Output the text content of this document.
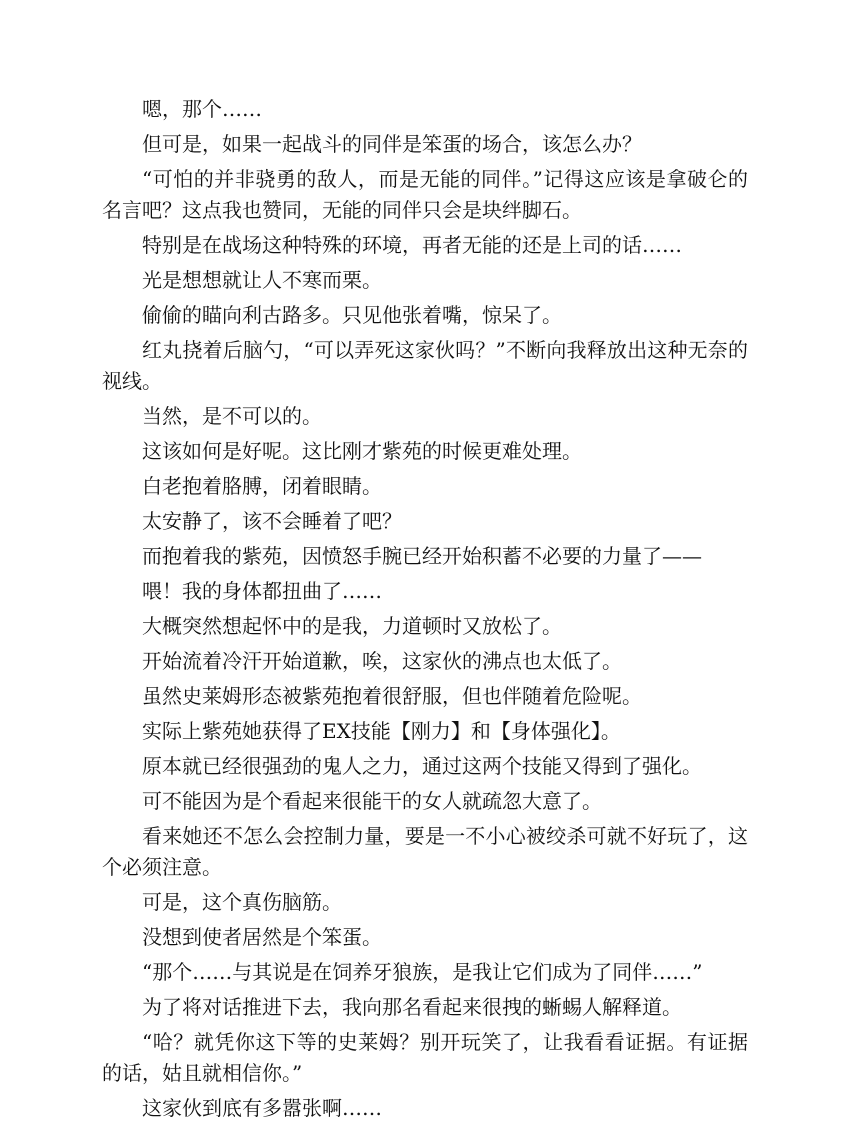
嗯，那个……

但可是，如果一起战斗的同伴是笨蛋的场合，该怎么办？

“可怕的并非骁勇的敌人，而是无能的同伴。”记得这应该是拿破仑的名言吧？这点我也赞同，无能的同伴只会是块绊脚石。

特别是在战场这种特殊的环境，再者无能的还是上司的话……

光是想想就让人不寒而栗。

偷偷的瞄向利古路多。只见他张着嘴，惊呆了。

红丸挠着后脑勺，“可以弄死这家伙吗？”不断向我释放出这种无奈的视线。

当然，是不可以的。

这该如何是好呢。这比刚才紫苑的时候更难处理。

白老抱着胳膊，闭着眼睛。

太安静了，该不会睡着了吧？

而抱着我的紫苑，因愤怒手腕已经开始积蓄不必要的力量了——

喂！我的身体都扭曲了……

大概突然想起怀中的是我，力道顿时又放松了。

开始流着冷汗开始道歉，唉，这家伙的沸点也太低了。

虽然史莱姆形态被紫苑抱着很舒服，但也伴随着危险呢。

实际上紫苑她获得了EX技能【刚力】和【身体强化】。

原本就已经很强劲的鬼人之力，通过这两个技能又得到了强化。

可不能因为是个看起来很能干的女人就疏忽大意了。

看来她还不怎么会控制力量，要是一不小心被绞杀可就不好玩了，这个必须注意。

可是，这个真伤脑筋。

没想到使者居然是个笨蛋。

“那个……与其说是在饲养牙狼族，是我让它们成为了同伴……”

为了将对话推进下去，我向那名看起来很拽的蜥蜴人解释道。

“哈？就凭你这下等的史莱姆？别开玩笑了，让我看看证据。有证据的话，姑且就相信你。”

这家伙到底有多嚣张啊……
